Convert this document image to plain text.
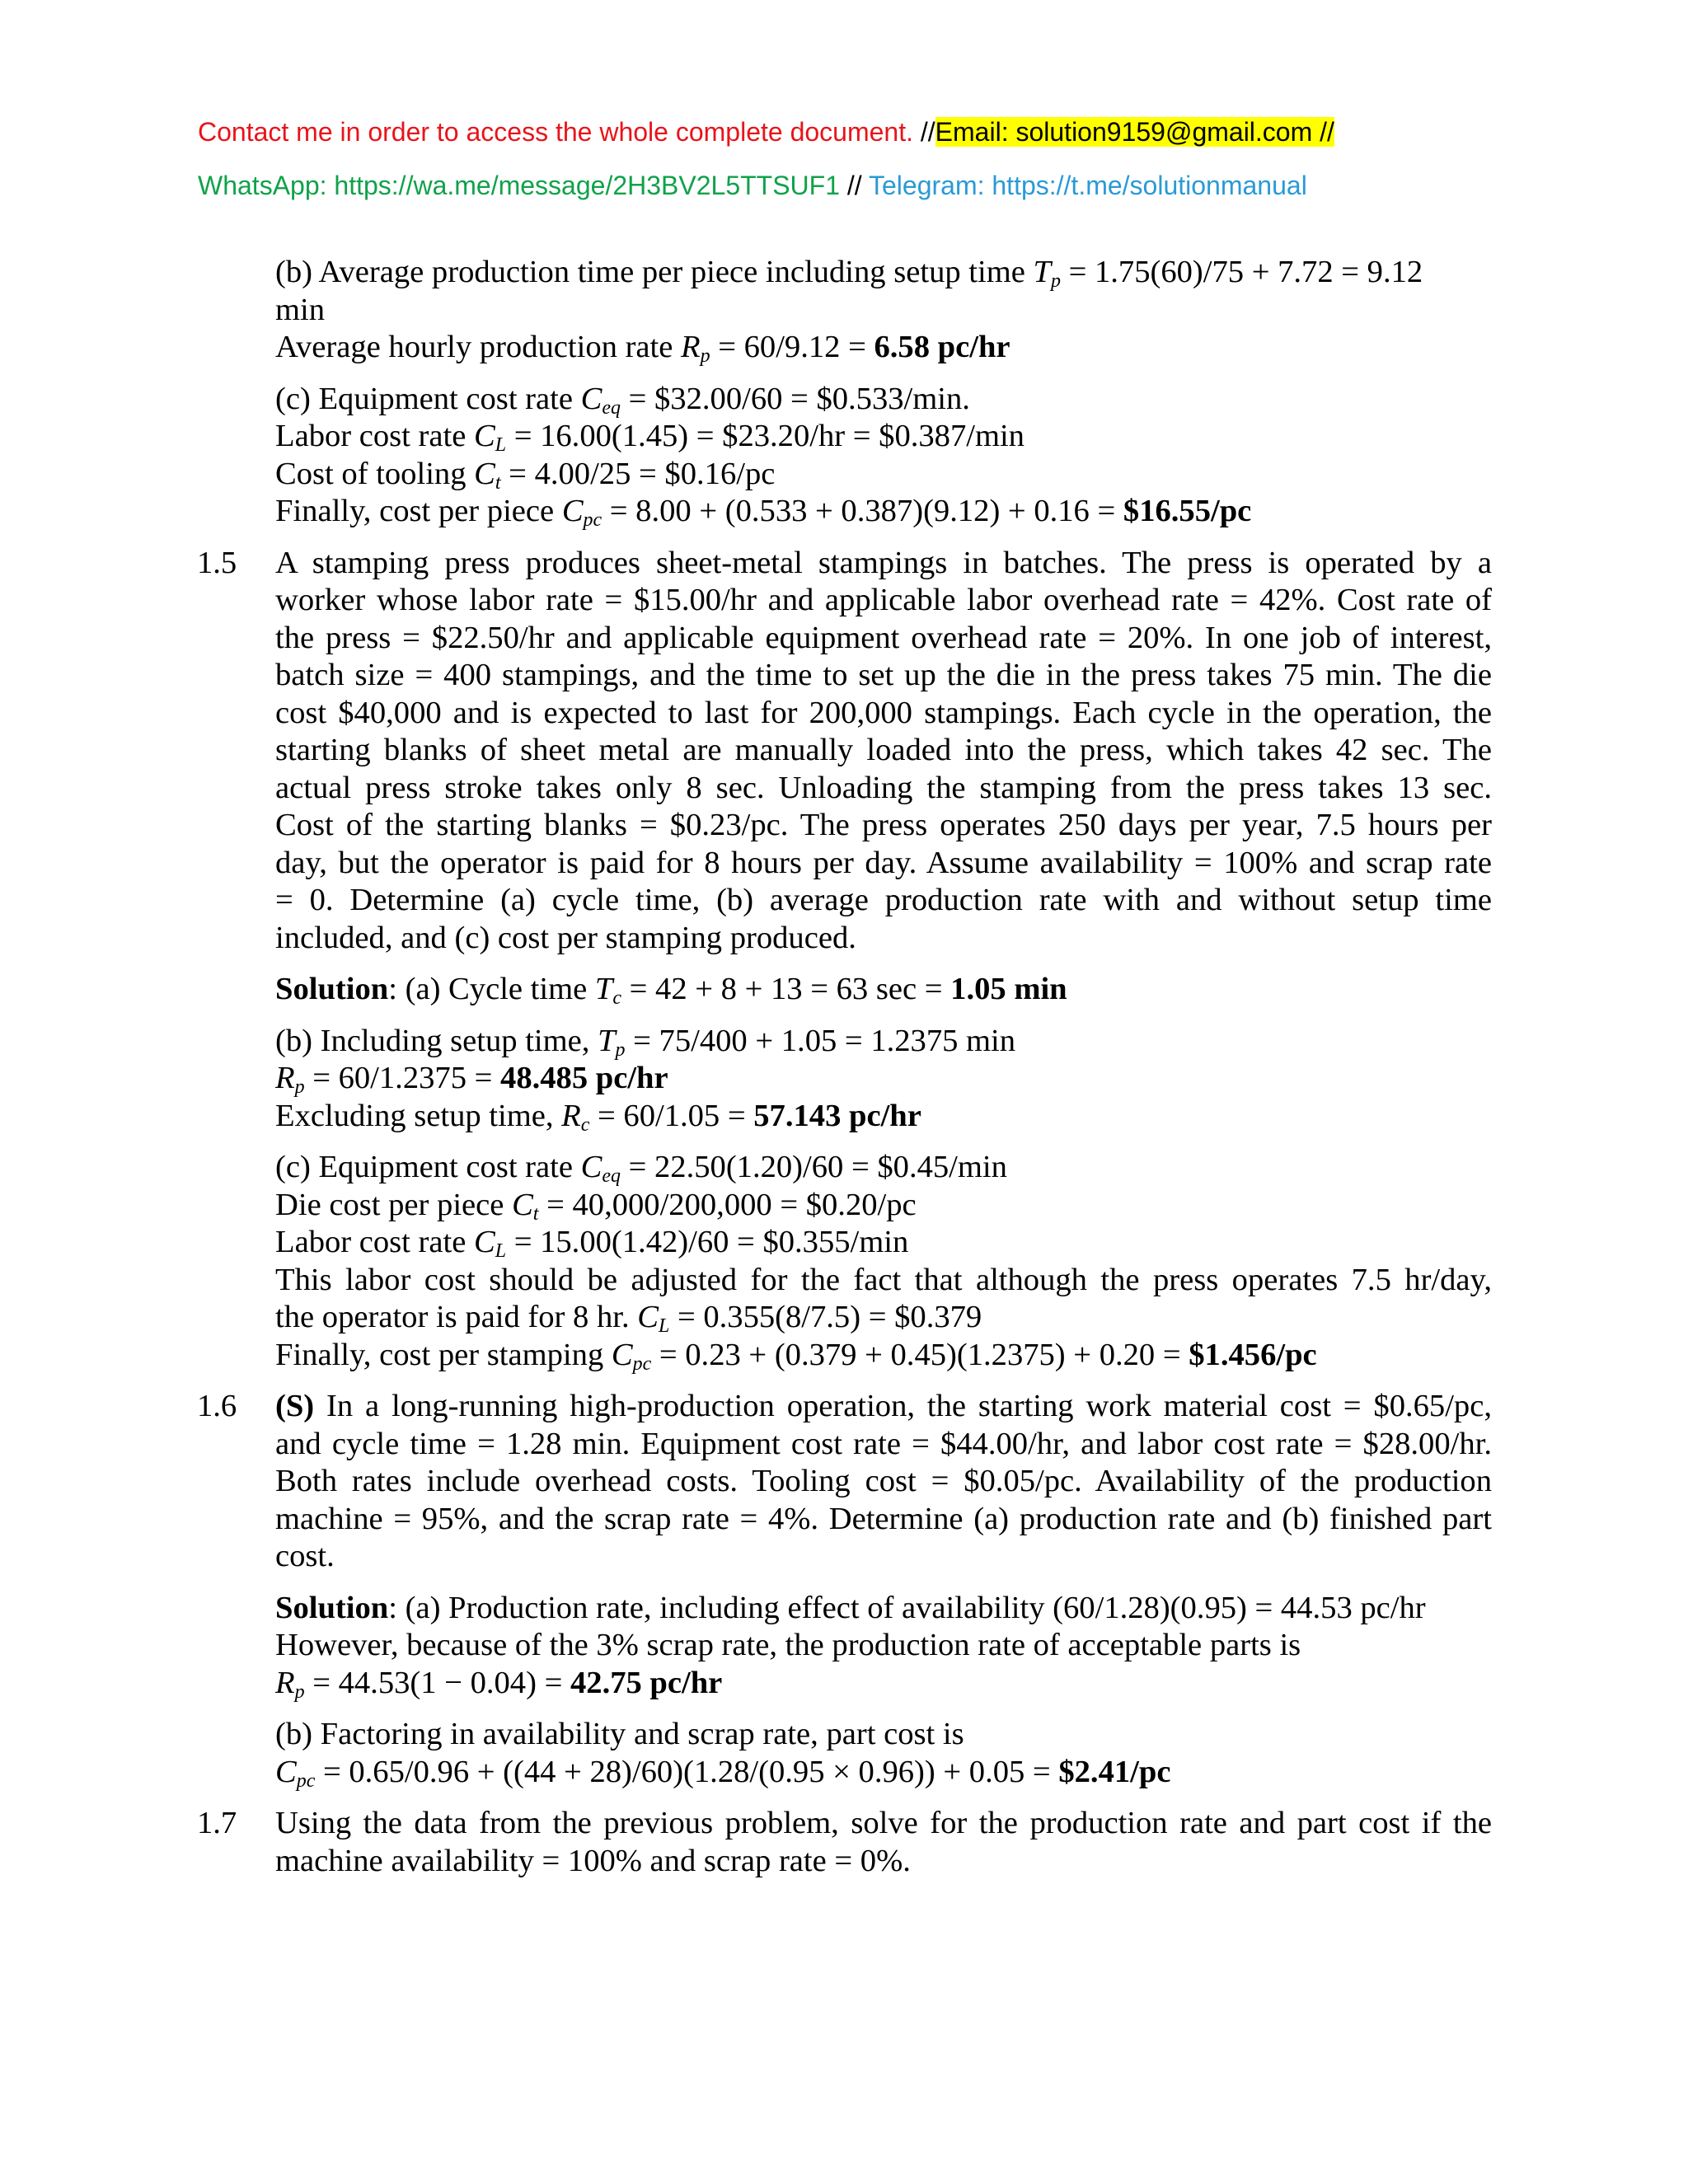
Contact me in order to access the whole complete document. //Email: solution9159@gmail.com //
WhatsApp: https://wa.me/message/2H3BV2L5TTSUF1 // Telegram: https://t.me/solutionmanual
(b) Average production time per piece including setup time $T_p = 1.75(60)/75 + 7.72 = 9.12$
min
Average hourly production rate $R_p = 60/9.12 = 6.58$ pc/hr
(c) Equipment cost rate $C_{eq}$ = $32.00/60 = $0.533/min.
Labor cost rate $C_L = 16.00(1.45)$ = $23.20/hr = $0.387/min
Cost of tooling $C_t = 4.00/25$ = $0.16/pc
Finally, cost per piece $C_{pc} = 8.00 + (0.533 + 0.387)(9.12) + 0.16$ = $16.55/pc
1.5 A stamping press produces sheet-metal stampings in batches. The press is operated by a
worker whose labor rate = $15.00/hr and applicable labor overhead rate = 42%. Cost rate of
the press = $22.50/hr and applicable equipment overhead rate = 20%. In one job of interest,
batch size = 400 stampings, and the time to set up the die in the press takes 75 min. The die
cost $40,000 and is expected to last for 200,000 stampings. Each cycle in the operation, the
starting blanks of sheet metal are manually loaded into the press, which takes 42 sec. The
actual press stroke takes only 8 sec. Unloading the stamping from the press takes 13 sec.
Cost of the starting blanks = $0.23/pc. The press operates 250 days per year, 7.5 hours per
day, but the operator is paid for 8 hours per day. Assume availability = 100% and scrap rate
= 0. Determine (a) cycle time, (b) average production rate with and without setup time
included, and (c) cost per stamping produced.
Solution: (a) Cycle time $T_c = 42 + 8 + 13 = 63$ sec = 1.05 min
(b) Including setup time, $T_p = 75/400 + 1.05 = 1.2375$ min
$R_p = 60/1.2375 = 48.485$ pc/hr
Excluding setup time, $R_c = 60/1.05 = 57.143$ pc/hr
(c) Equipment cost rate $C_{eq} = 22.50(1.20)/60$ = $0.45/min
Die cost per piece $C_t = 40,000/200,000$ = $0.20/pc
Labor cost rate $C_L = 15.00(1.42)/60$ = $0.355/min
This labor cost should be adjusted for the fact that although the press operates 7.5 hr/day,
the operator is paid for 8 hr. $C_L = 0.355(8/7.5)$ = $0.379
Finally, cost per stamping $C_{pc} = 0.23 + (0.379 + 0.45)(1.2375) + 0.20$ = $1.456/pc
1.6 (S) In a long-running high-production operation, the starting work material cost = $0.65/pc,
and cycle time = 1.28 min. Equipment cost rate = $44.00/hr, and labor cost rate = $28.00/hr.
Both rates include overhead costs. Tooling cost = $0.05/pc. Availability of the production
machine = 95%, and the scrap rate = 4%. Determine (a) production rate and (b) finished part
cost.
Solution: (a) Production rate, including effect of availability (60/1.28)(0.95) = 44.53 pc/hr
However, because of the 3% scrap rate, the production rate of acceptable parts is
$R_p = 44.53(1 - 0.04) = 42.75$ pc/hr
(b) Factoring in availability and scrap rate, part cost is
$C_{pc} = 0.65/0.96 + ((44 + 28)/60)(1.28/(0.95 \times 0.96)) + 0.05$ = $2.41/pc
1.7 Using the data from the previous problem, solve for the production rate and part cost if the
machine availability = 100% and scrap rate = 0%.
